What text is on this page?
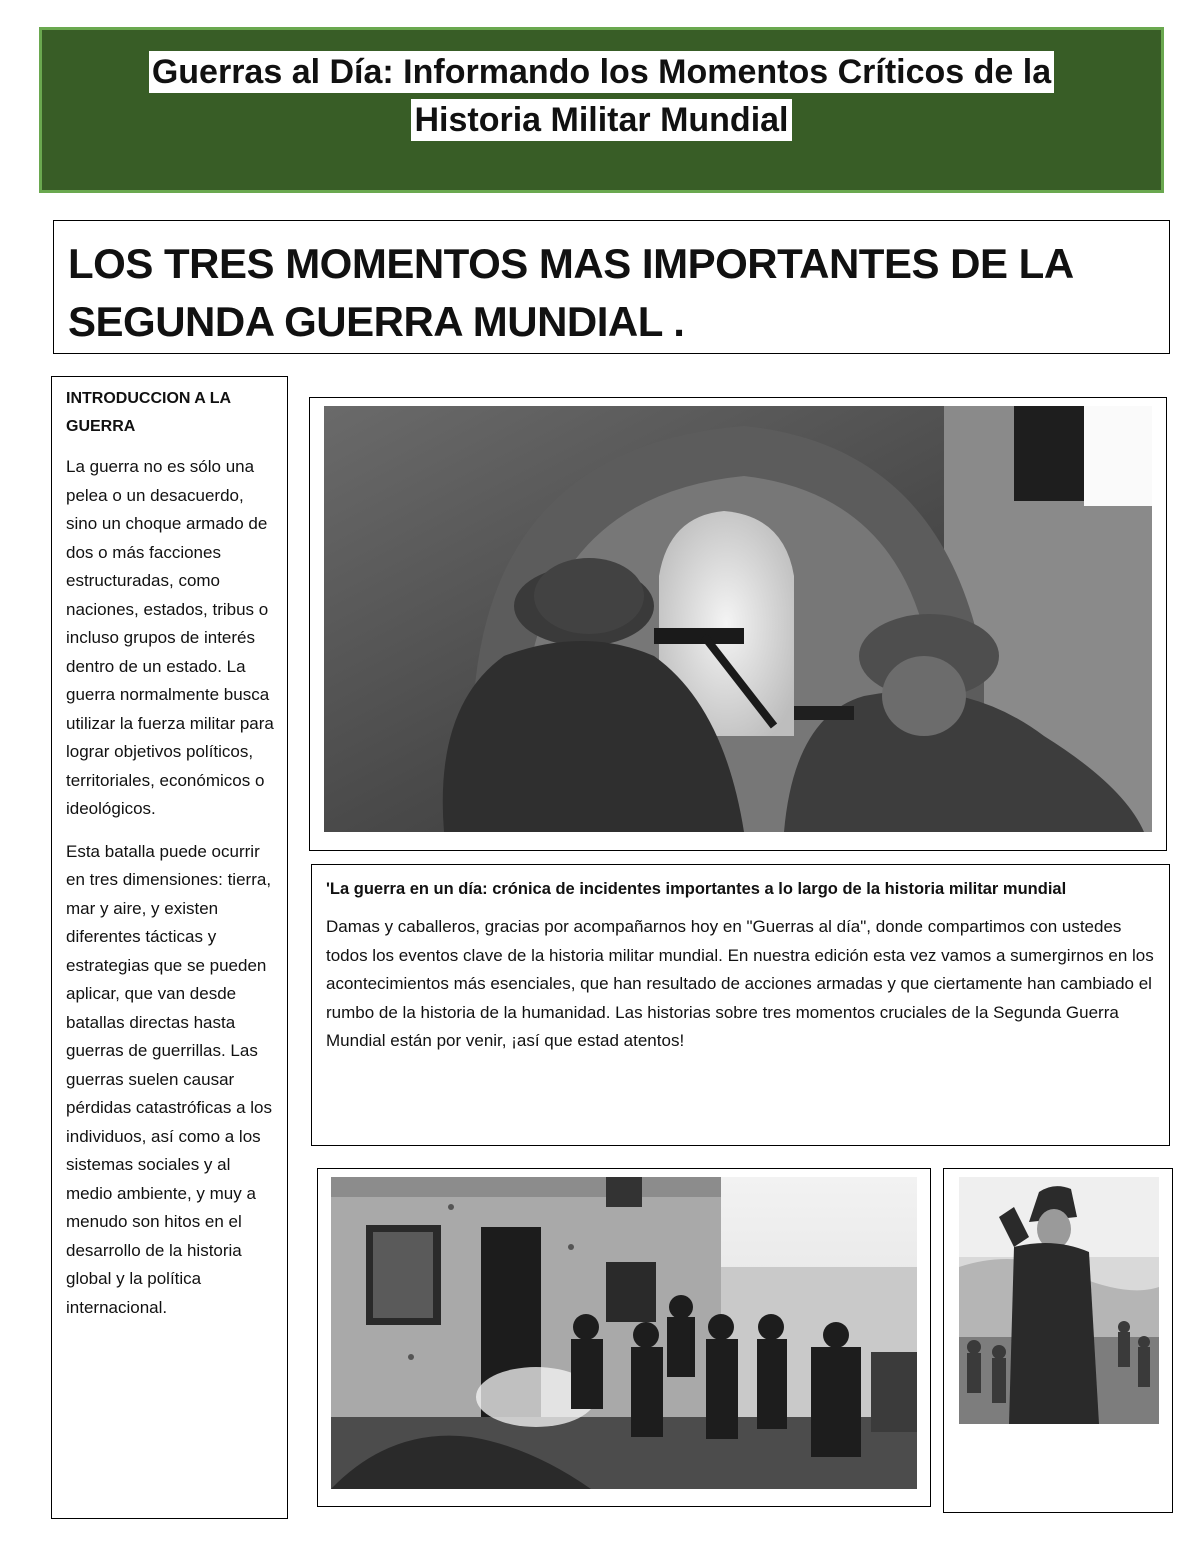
Guerras al Día: Informando los Momentos Críticos de la
Historia Militar Mundial
LOS TRES MOMENTOS MAS IMPORTANTES DE LA SEGUNDA GUERRA MUNDIAL .
INTRODUCCION A LA GUERRA

La guerra no es sólo una pelea o un desacuerdo, sino un choque armado de dos o más facciones estructuradas, como naciones, estados, tribus o incluso grupos de interés dentro de un estado. La guerra normalmente busca utilizar la fuerza militar para lograr objetivos políticos, territoriales, económicos o ideológicos.

Esta batalla puede ocurrir en tres dimensiones: tierra, mar y aire, y existen diferentes tácticas y estrategias que se pueden aplicar, que van desde batallas directas hasta guerras de guerrillas. Las guerras suelen causar pérdidas catastróficas a los individuos, así como a los sistemas sociales y al medio ambiente, y muy a menudo son hitos en el desarrollo de la historia global y la política internacional.

'La guerra en un día: crónica de incidentes importantes a lo largo de la historia militar mundial

Damas y caballeros, gracias por acompañarnos hoy en "Guerras al día", donde compartimos con ustedes todos los eventos clave de la historia militar mundial. En nuestra edición esta vez vamos a sumergirnos en los acontecimientos más esenciales, que han resultado de acciones armadas y que ciertamente han cambiado el rumbo de la historia de la humanidad. Las historias sobre tres momentos cruciales de la Segunda Guerra Mundial están por venir, ¡así que estad atentos!
